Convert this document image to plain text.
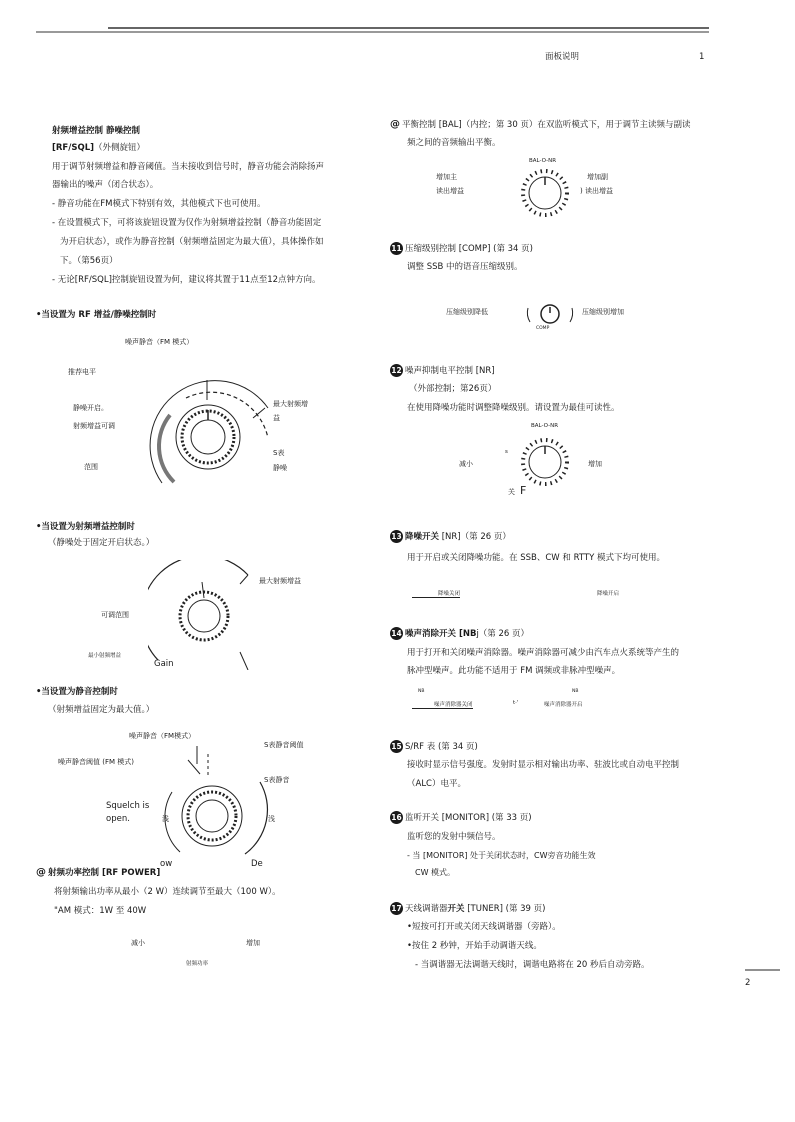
面板说明	1
射频增益控制 静噪控制
[RF/SQL]（外侧旋钮）
用于调节射频增益和静音阈值。当未接收到信号时，静音功能会消除扬声
器输出的噪声（闭合状态）。
- 静音功能在FM模式下特别有效，其他模式下也可使用。
- 在设置模式下，可将该旋钮设置为仅作为射频增益控制（静音功能固定
为开启状态），或作为静音控制（射频增益固定为最大值），具体操作如
下。（第56页）
- 无论[RF/SQL]控制旋钮设置为何，建议将其置于11点至12点钟方向。
•当设置为 RF 增益/静噪控制时
噪声静音（FM 模式）
推荐电平
静噪开启。
射频增益可调
范围
最大射频增
益
S表
静噪
•当设置为射频增益控制时
（静噪处于固定开启状态。）
最大射频增益
可调范围
最小射频增益
Gain
•当设置为静音控制时
（射频增益固定为最大值。）
噪声静音（FM模式）
S表静音阈值
噪声静音阈值 (FM 模式)
S表静音
Squelch is
open.	浅	浅
ow	De
@ 射频功率控制 [RF POWER]
将射频输出功率从最小（2 W）连续调节至最大（100 W）。
"AM 模式：1W 至 40W
减小	增加
射频功率
@ 平衡控制 [BAL]（内控；第 30 页）在双监听模式下，用于调节主读频与副读
频之间的音频输出平衡。
BAL-O-NR
增加主
读出增益
增加副
) 读出增益
11 压缩级别控制 [COMP] (第 34 页)
调整 SSB 中的语音压缩级别。
压缩级别降低	压缩级别增加
COMP
12 噪声抑制电平控制 [NR]
（外部控制；第26页）
在使用降噪功能时调整降噪级别。请设置为最佳可读性。
BAL-O-NR
减小	增加
s
关 F
13 降噪开关 [NR]（第 26 页）
用于开启或关闭降噪功能。在 SSB、CW 和 RTTY 模式下均可使用。
降噪关闭	降噪开启
14 噪声消除开关 [NBj（第 26 页）
用于打开和关闭噪声消除器。噪声消除器可减少由汽车点火系统等产生的
脉冲型噪声。此功能不适用于 FM 调频或非脉冲型噪声。
NB	NB
噪声消除器关闭	t·'	噪声消除器开启
15 S/RF 表 (第 34 页)
接收时显示信号强度。发射时显示相对输出功率、驻波比或自动电平控制
（ALC）电平。
16 监听开关 [MONITOR] (第 33 页)
监听您的发射中频信号。
- 当 [MONITOR] 处于关闭状态时，CW旁音功能生效
CW 模式。
17 天线调谐器开关 [TUNER] (第 39 页)
•短按可打开或关闭天线调谐器（旁路）。
•按住 2 秒钟，开始手动调谐天线。
- 当调谐器无法调谐天线时，调谐电路将在 20 秒后自动旁路。
2
